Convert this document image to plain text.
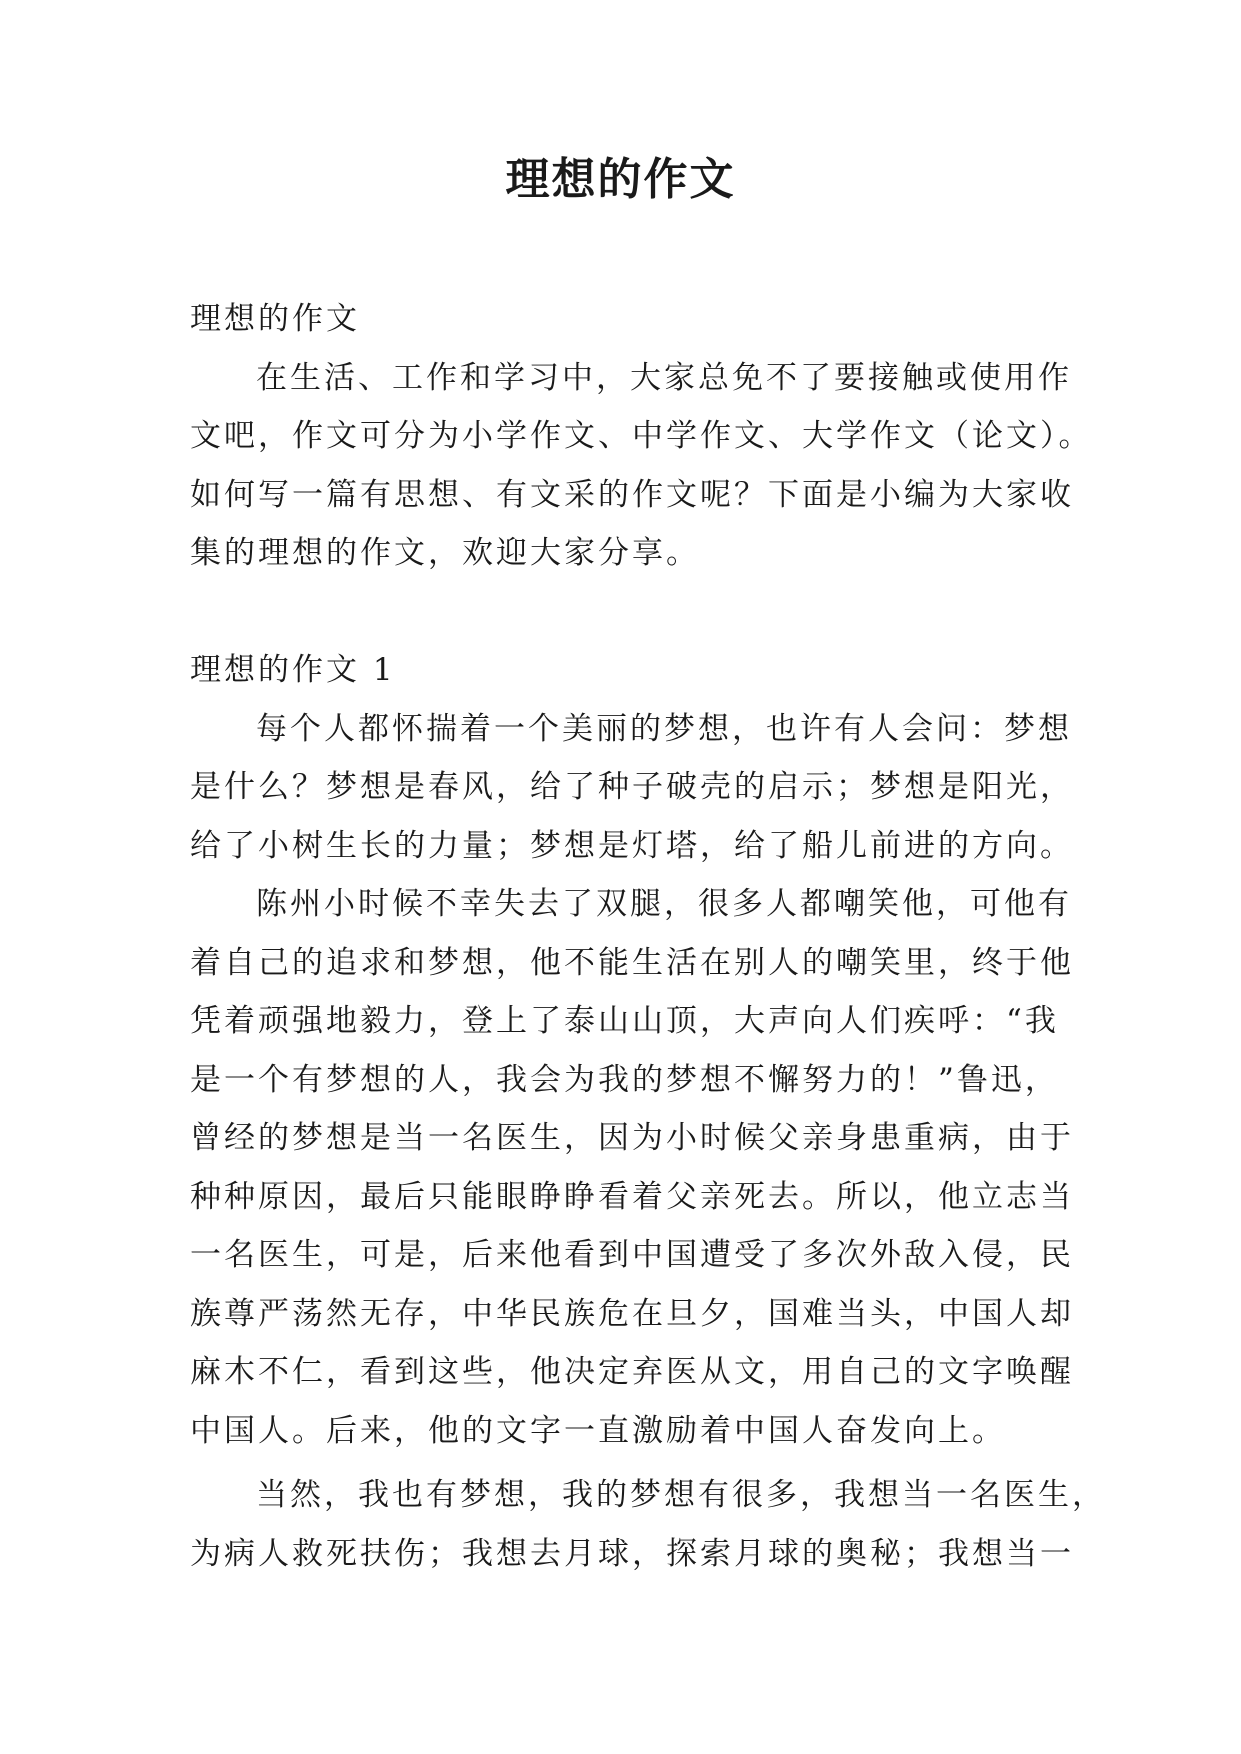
理想的作文
理想的作文
在生活、工作和学习中，大家总免不了要接触或使用作
文吧，作文可分为小学作文、中学作文、大学作文（论文）。
如何写一篇有思想、有文采的作文呢？下面是小编为大家收
集的理想的作文，欢迎大家分享。
理想的作文 1
每个人都怀揣着一个美丽的梦想，也许有人会问：梦想
是什么？梦想是春风，给了种子破壳的启示；梦想是阳光，
给了小树生长的力量；梦想是灯塔，给了船儿前进的方向。
陈州小时候不幸失去了双腿，很多人都嘲笑他，可他有
着自己的追求和梦想，他不能生活在别人的嘲笑里，终于他
凭着顽强地毅力，登上了泰山山顶，大声向人们疾呼：“我
是一个有梦想的人，我会为我的梦想不懈努力的！”鲁迅，
曾经的梦想是当一名医生，因为小时候父亲身患重病，由于
种种原因，最后只能眼睁睁看着父亲死去。所以，他立志当
一名医生，可是，后来他看到中国遭受了多次外敌入侵，民
族尊严荡然无存，中华民族危在旦夕，国难当头，中国人却
麻木不仁，看到这些，他决定弃医从文，用自己的文字唤醒
中国人。后来，他的文字一直激励着中国人奋发向上。
当然，我也有梦想，我的梦想有很多，我想当一名医生，
为病人救死扶伤；我想去月球，探索月球的奥秘；我想当一
